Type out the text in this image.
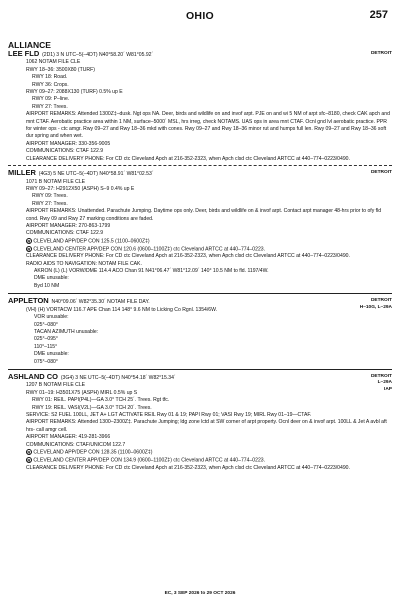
OHIO	257
ALLIANCE
DETROIT
LEE FLD (2D1) 3 N UTC–5(–4DT) N40°58.20´ W81°05.92´
1062 NOTAM FILE CLE
RWY 18–36: 3500X80 (TURF)
RWY 18: Road.
RWY 36: Crops.
RWY 09–27: 2088X130 (TURF) 0.5% up E
RWY 09: P–line.
RWY 27: Trees.
AIRPORT REMARKS: Attended 1300Z‡–dusk. Ngt ops NA. Deer, birds and wildlife on and invof arpt. PJE on and wi 5 NM of arpt sfc–8180, check CAK apch and mnt CTAF. Aerobatic practice area within 1 NM, surface–5000´ MSL, hrs irreg, check NOTAMS. UAS ops in area mnt CTAF. Ocnl gnd lvl aerobatic practice. PPR for winter ops - ctc amgr. Rwy 09–27 and Rwy 18–36 mkd with cones. Rwy 09–27 and Rwy 18–36 minor rut and humps full len. Rwy 09–27 and Rwy 18–36 soft dur spring and when wet.
AIRPORT MANAGER: 330-356-9005
COMMUNICATIONS: CTAF 122.9
CLEARANCE DELIVERY PHONE: For CD ctc Cleveland Apch at 216-352-2323, when Apch clsd ctc Cleveland ARTCC at 440–774–0223/0490.
DETROIT
MILLER (4G3) 5 NE UTC–5(–4DT) N40°58.91´ W81°02.53´
1071 B NOTAM FILE CLE
RWY 09–27: H2912X50 (ASPH) S–9 0.4% up E
RWY 09: Trees.
RWY 27: Trees.
AIRPORT REMARKS: Unattended. Parachute Jumping. Daytime ops only. Deer, birds and wildlife on & invof arpt. Contact arpt manager 48-hrs prior to ofy fld cond. Rwy 09 and Rwy 27 marking conditions are faded.
AIRPORT MANAGER: 270-863-1799
COMMUNICATIONS: CTAF 122.9
R CLEVELAND APP/DEP CON 125.5 (1100–0600Z‡)
R CLEVELAND CENTER APP/DEP CON 120.6 (0600–1100Z‡) ctc Cleveland ARTCC at 440–774–0223.
CLEARANCE DELIVERY PHONE: For CD ctc Cleveland Apch at 216-352-2323, when Apch clsd ctc Cleveland ARTCC at 440–774–0223/0490.
RADIO AIDS TO NAVIGATION: NOTAM FILE CAK.
AKRON (L) (L) VORW/DME 114.4 ACO Chan 91 N41°06.47´ W81°12.09´ 140° 10.5 NM to fld. 1197/4W.
DME unusable:
Byd 10 NM
DETROIT
H–10G, L–29A
APPLETON N40°09.06´ W82°35.30´ NOTAM FILE DAY.
(VH) (H) VORTACW 116.7 APE Chan 114 148° 9.6 NM to Licking Co Rgnl. 1354/6W.
VOR unusable:
025°–080°
TACAN AZIMUTH unusable:
025°–095°
110°–115°
DME unusable:
075°–080°
DETROIT
L–29A
IAP
ASHLAND CO (3G4) 3 NE UTC–5(–4DT) N40°54.18´ W82°15.34´
1207 B NOTAM FILE CLE
RWY 01–19: H3501X75 (ASPH) MIRL 0.5% up S
RWY 01: REIL. PAPI(P4L)—GA 3.0° TCH 25´. Trees. Rgt tfc.
RWY 19: REIL. VASI(V2L)—GA 3.0° TCH 20´. Trees.
SERVICE: S2 FUEL 100LL, JET A+ LGT ACTIVATE REIL Rwy 01 & 19; PAPI Rwy 01; VASI Rwy 19; MIRL Rwy 01–19—CTAF.
AIRPORT REMARKS: Attended 1300–2300Z‡. Parachute Jumping; ldg zone lctd at SW corner of arpt property. Ocnl deer on & invof arpt. 100LL & Jet A avbl aft hrs- call amgr cell.
AIRPORT MANAGER: 419-281-3966
COMMUNICATIONS: CTAF/UNICOM 122.7
R CLEVELAND APP/DEP CON 128.35 (1100–0600Z‡)
R CLEVELAND CENTER APP/DEP CON 134.9 (0600–1100Z‡) ctc Cleveland ARTCC at 440–774–0223.
CLEARANCE DELIVERY PHONE: For CD ctc Cleveland Apch at 216-352-2323, when Apch clsd ctc Cleveland ARTCC at 440–774–0223/0490.
EC, 3 SEP 2026 to 29 OCT 2026
